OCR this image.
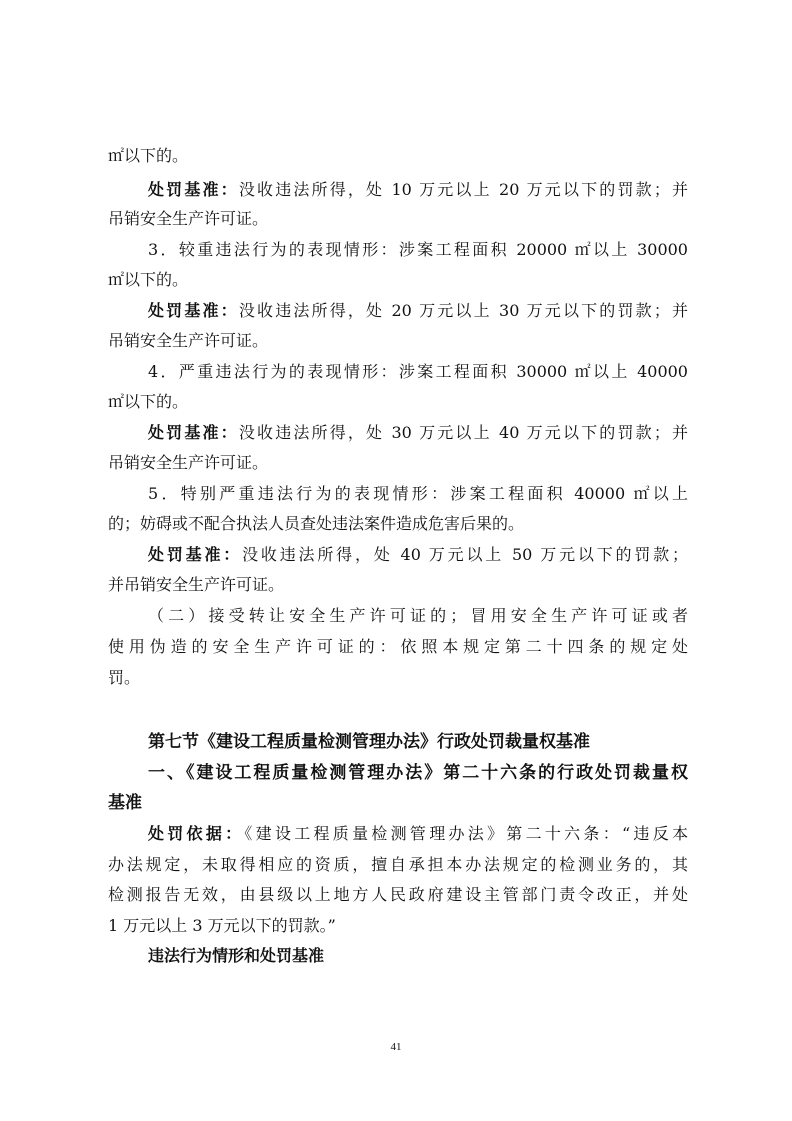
㎡以下的。
处罚基准：没收违法所得，处 10 万元以上 20 万元以下的罚款；并
吊销安全生产许可证。
3．较重违法行为的表现情形：涉案工程面积 20000 ㎡以上 30000
㎡以下的。
处罚基准：没收违法所得，处 20 万元以上 30 万元以下的罚款；并
吊销安全生产许可证。
4．严重违法行为的表现情形：涉案工程面积 30000 ㎡以上 40000
㎡以下的。
处罚基准：没收违法所得，处 30 万元以上 40 万元以下的罚款；并
吊销安全生产许可证。
5．特别严重违法行为的表现情形：涉案工程面积 40000 ㎡以上
的；妨碍或不配合执法人员查处违法案件造成危害后果的。
处罚基准：没收违法所得，处 40 万元以上 50 万元以下的罚款；
并吊销安全生产许可证。
（二）接受转让安全生产许可证的；冒用安全生产许可证或者
使用伪造的安全生产许可证的：依照本规定第二十四条的规定处
罚。
第七节《建设工程质量检测管理办法》行政处罚裁量权基准
一、《建设工程质量检测管理办法》第二十六条的行政处罚裁量权
基准
处罚依据：《建设工程质量检测管理办法》第二十六条：“违反本
办法规定，未取得相应的资质，擅自承担本办法规定的检测业务的，其
检测报告无效，由县级以上地方人民政府建设主管部门责令改正，并处
1 万元以上 3 万元以下的罚款。”
违法行为情形和处罚基准
41
